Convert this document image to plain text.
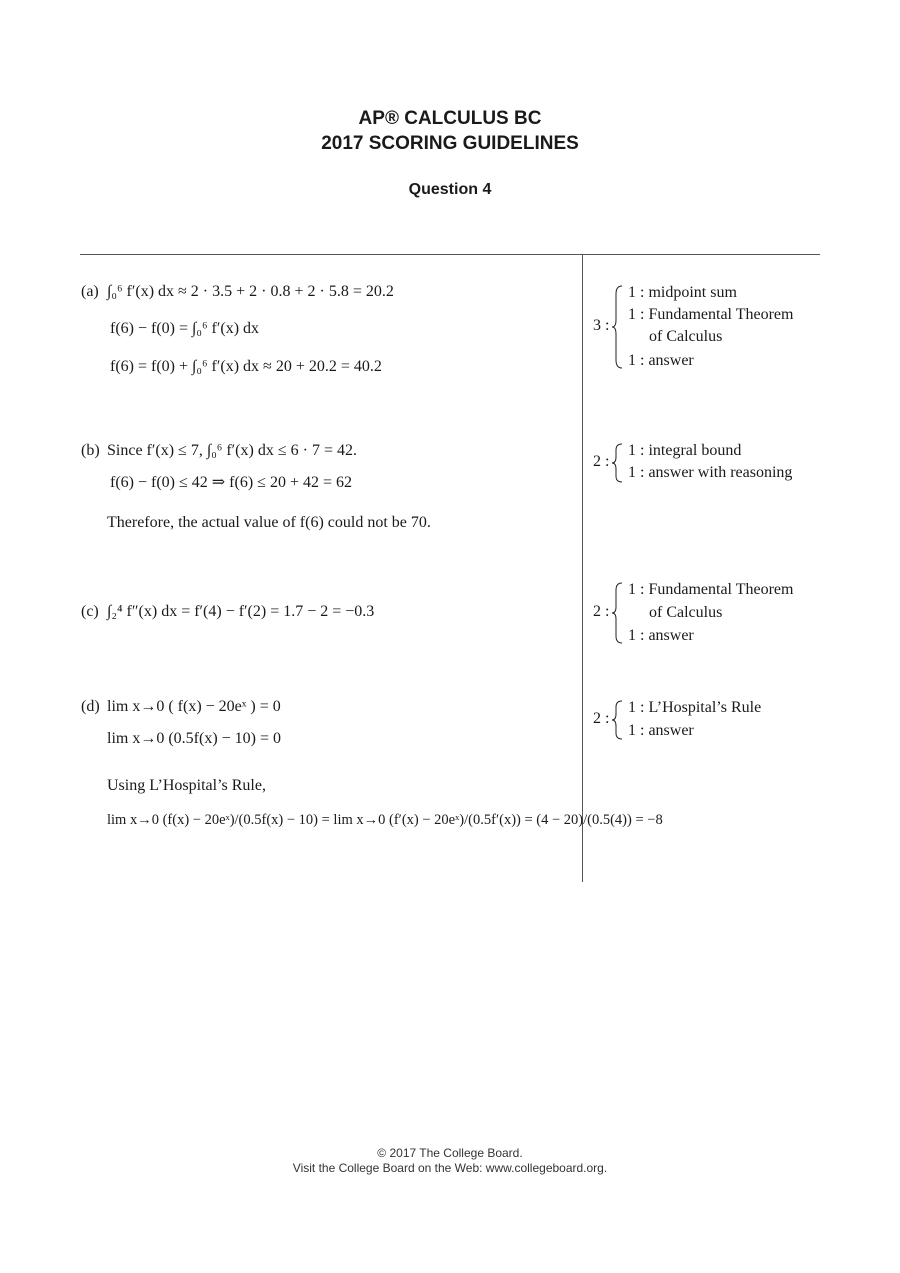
AP® CALCULUS BC
2017 SCORING GUIDELINES
Question 4
(a) ∫₀⁶ f′(x) dx ≈ 2 · 3.5 + 2 · 0.8 + 2 · 5.8 = 20.2
f(6) − f(0) = ∫₀⁶ f′(x) dx
f(6) = f(0) + ∫₀⁶ f′(x) dx ≈ 20 + 20.2 = 40.2
(b) Since f′(x) ≤ 7, ∫₀⁶ f′(x) dx ≤ 6 · 7 = 42.
f(6) − f(0) ≤ 42 ⇒ f(6) ≤ 20 + 42 = 62
Therefore, the actual value of f(6) could not be 70.
(c) ∫₂⁴ f″(x) dx = f′(4) − f′(2) = 1.7 − 2 = −0.3
(d) lim x→0 ( f(x) − 20eˣ ) = 0
lim x→0 (0.5f(x) − 10) = 0
Using L’Hospital’s Rule,
lim x→0 (f(x) − 20eˣ)/(0.5f(x) − 10) = lim x→0 (f′(x) − 20eˣ)/(0.5f′(x)) = (4 − 20)/(0.5(4)) = −8
3 :
1 : midpoint sum
1 : Fundamental Theorem
of Calculus
1 : answer
2 :
1 : integral bound
1 : answer with reasoning
2 :
1 : Fundamental Theorem
of Calculus
1 : answer
2 :
1 : L’Hospital’s Rule
1 : answer
© 2017 The College Board.
Visit the College Board on the Web: www.collegeboard.org.
